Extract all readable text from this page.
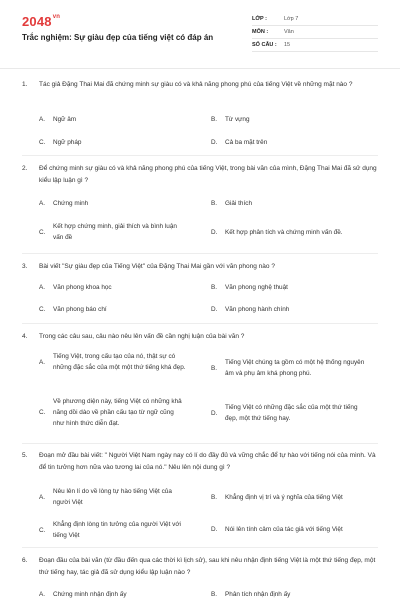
$2048^{vn}$
Trắc nghiệm: Sự giàu đẹp của tiếng việt có đáp án
LỚP :	Lớp 7
MÔN :	Văn
SỐ CÂU :	15
1. Tác giả Đặng Thai Mai đã chứng minh sự giàu có và khả năng phong phú của tiếng Việt về những mặt nào ?
A.	Ngữ âm	B.	Từ vựng
C.	Ngữ pháp	D.	Cả ba mặt trên
2. Để chứng minh sự giàu có và khả năng phong phú của tiếng Việt, trong bài văn của mình, Đặng Thai Mai đã sử dụng kiểu lập luận gì ?
A.	Chứng minh	B.	Giải thích
C.
Kết hợp chứng minh, giải thích và bình luận vấn đề
D.	Kết hợp phân tích và chứng minh vấn đề.
3. Bài viết "Sự giàu đẹp của Tiếng Việt" của Đặng Thai Mai gần với văn phong nào ?
A.	Văn phong khoa học	B.	Văn phong nghệ thuật
C.	Văn phong báo chí	D.	Văn phong hành chính
4. Trong các câu sau, câu nào nêu lên vấn đề cần nghị luận của bài văn ?
A.
Tiếng Việt, trong cấu tạo của nó, thật sự có những đặc sắc của một một thứ tiếng khá đẹp.	B.
Tiếng Việt chúng ta gồm có một hệ thống nguyên âm và phụ âm khá phong phú.
C.
Về phương diện này, tiếng Việt có những khả năng dồi dào về phần cấu tạo từ ngữ cũng như hình thức diễn đạt.
D.
Tiếng Việt có những đặc sắc của một thứ tiếng đẹp, một thứ tiếng hay.
5. Đoạn mở đầu bài viết: " Người Việt Nam ngày nay có lí do đầy đủ và vững chắc để tự hào với tiếng nói của mình. Và để tin tưởng hơn nữa vào tương lai của nó." Nêu lên nội dung gì ?
A.
Nêu lên lí do về lòng tự hào tiếng Việt của người Việt
B.	Khẳng định vị trí và ý nghĩa của tiếng Việt
C.
Khẳng định lòng tin tưởng của người Việt với tiếng Việt
D.	Nói lên tính cảm của tác giả với tiếng Việt
6. Đoạn đầu của bài văn (từ đầu đến qua các thời kì lịch sử), sau khi nêu nhận định tiếng Việt là một thứ tiếng đẹp, một thứ tiếng hay, tác giả đã sử dụng kiểu lập luận nào ?
A.	Chứng minh nhận định ấy	B.	Phân tích nhận định ấy
